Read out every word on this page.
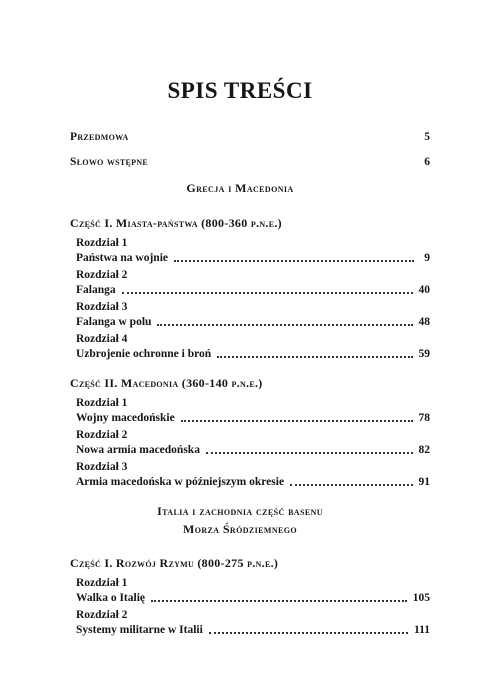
SPIS TREŚCI
Przedmowa	5
Słowo wstępne	6
Grecja i Macedonia
Część I. Miasta-państwa (800-360 p.n.e.)
Rozdział 1
Państwa na wojnie	9
Rozdział 2
Falanga	40
Rozdział 3
Falanga w polu	48
Rozdział 4
Uzbrojenie ochronne i broń	59
Część II. Macedonia (360-140 p.n.e.)
Rozdział 1
Wojny macedońskie	78
Rozdział 2
Nowa armia macedońska	82
Rozdział 3
Armia macedońska w późniejszym okresie	91
Italia i zachodnia część basenu
Morza Śródziemnego
Część I. Rozwój Rzymu (800-275 p.n.e.)
Rozdział 1
Walka o Italię	105
Rozdział 2
Systemy militarne w Italii	111
